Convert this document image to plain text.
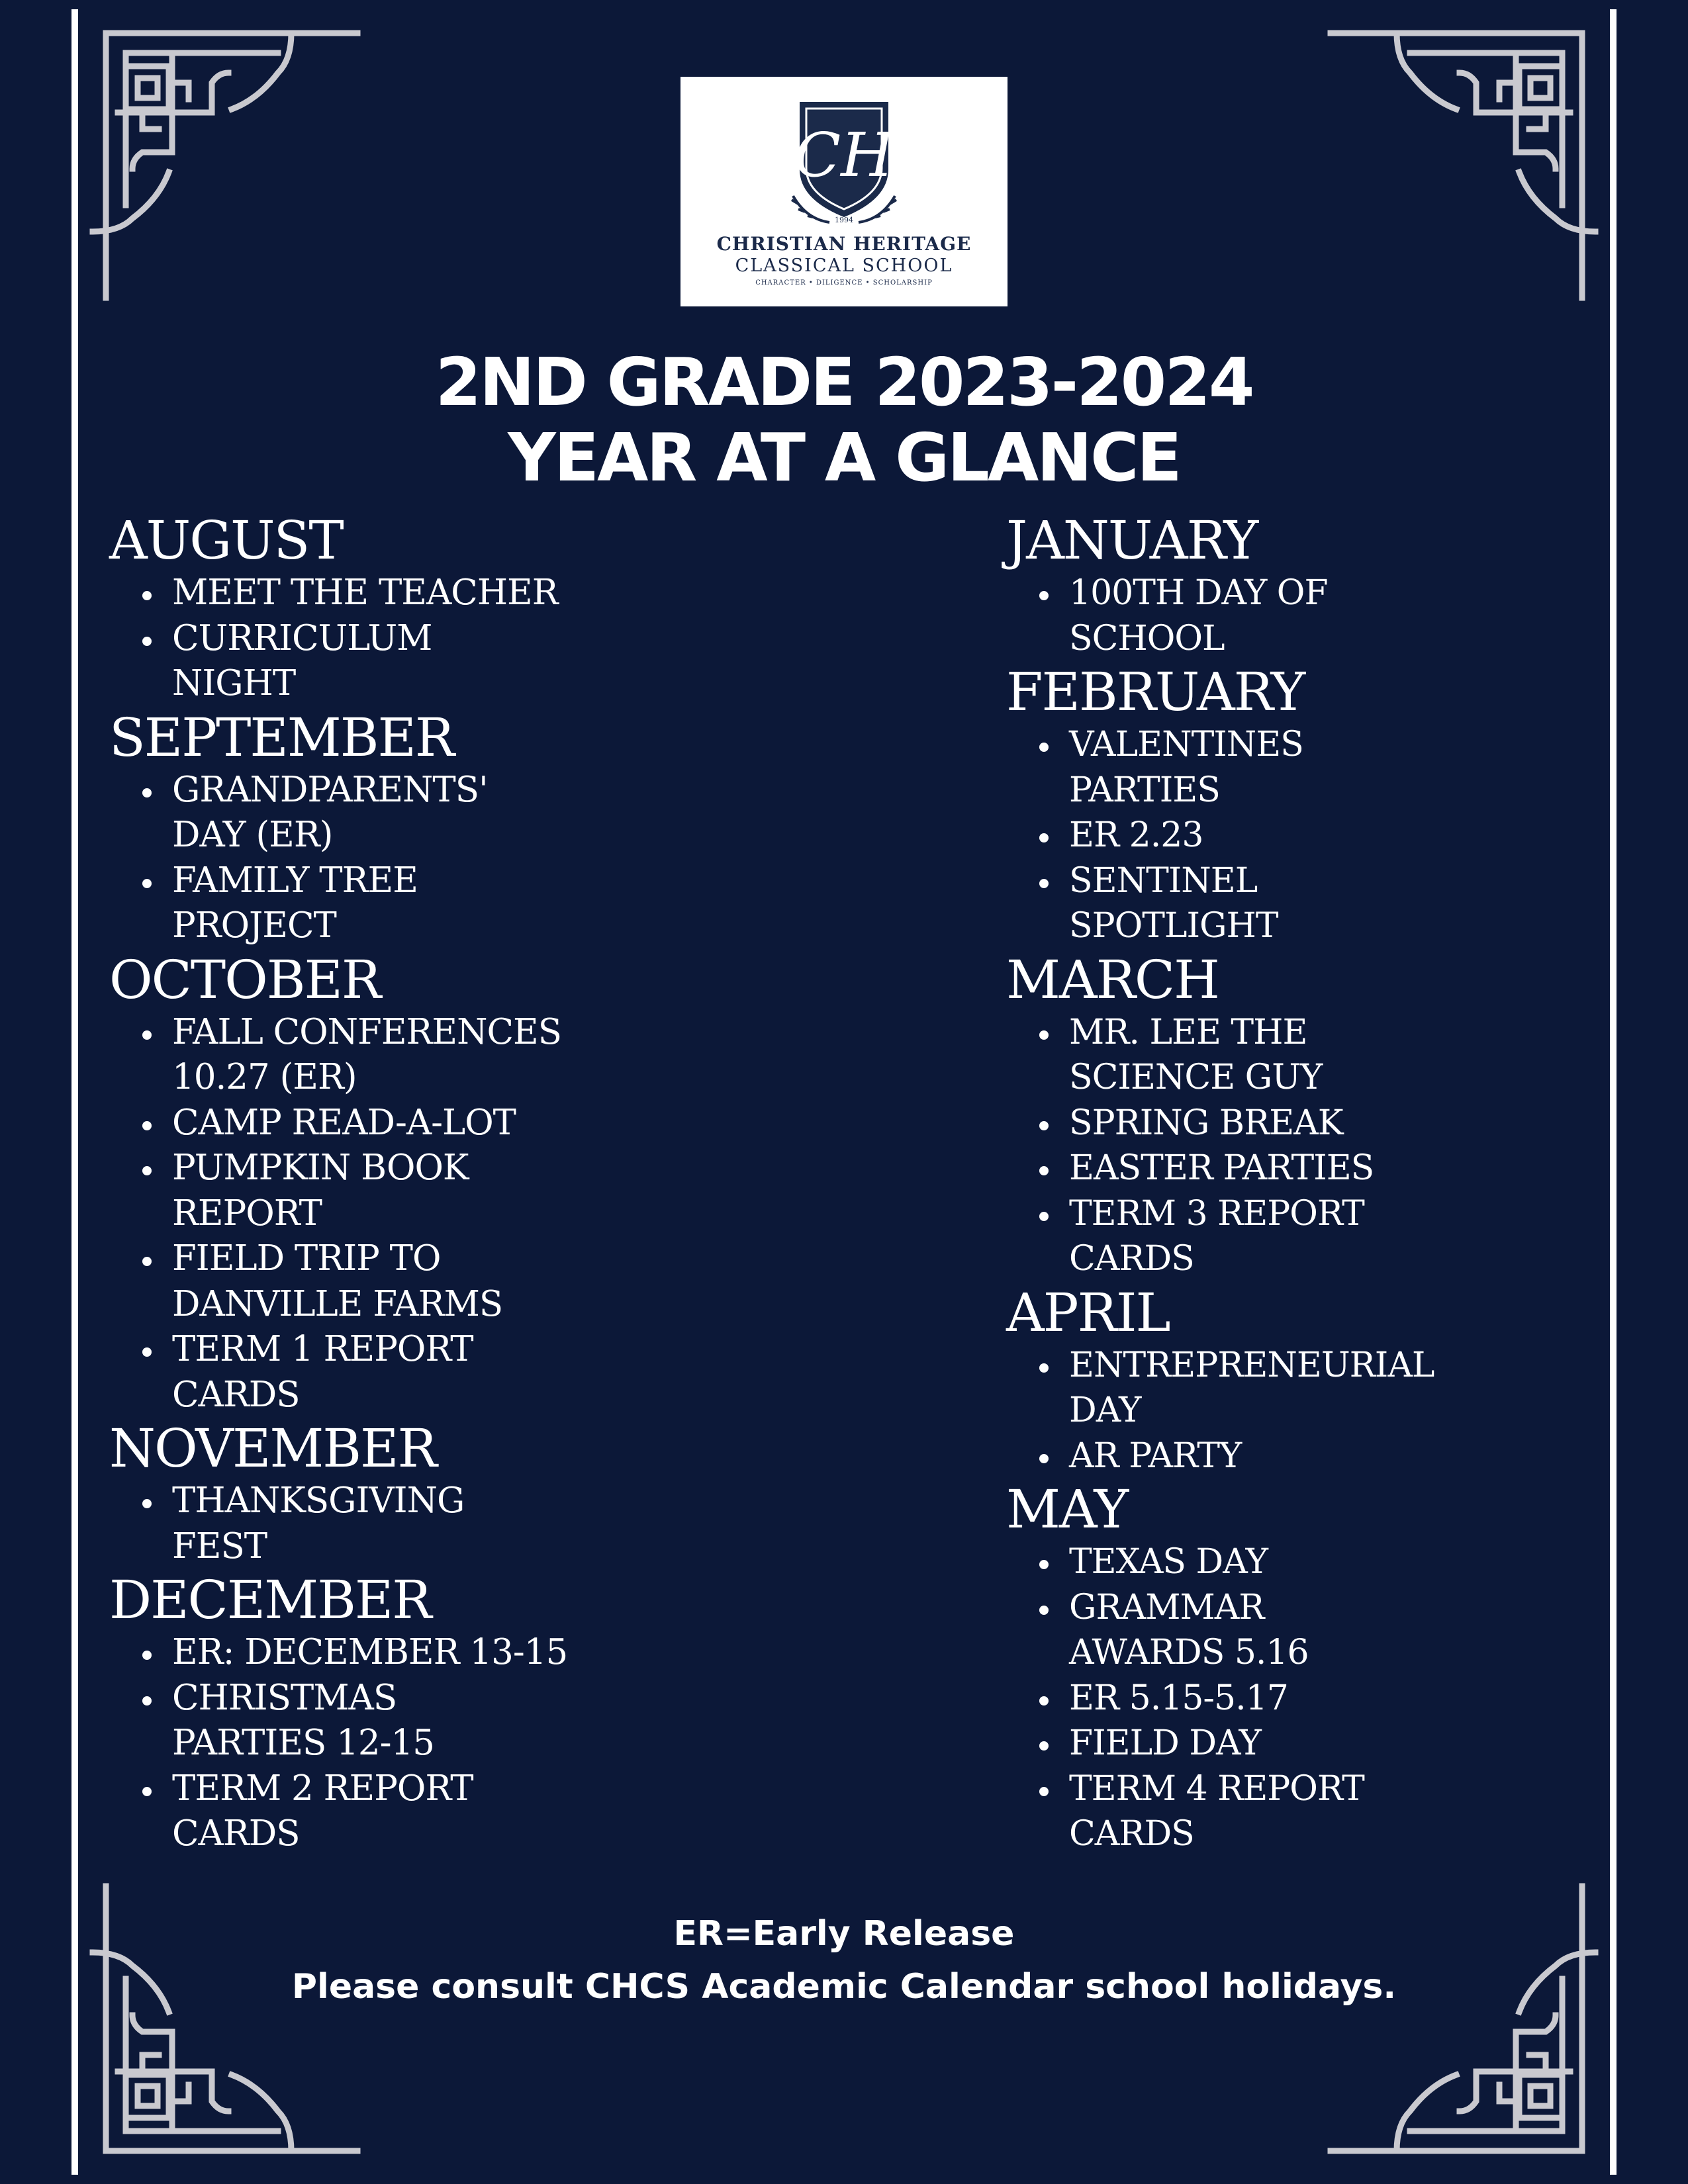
CH
1994
CHRISTIAN HERITAGE
CLASSICAL SCHOOL
CHARACTER • DILIGENCE • SCHOLARSHIP
2ND GRADE 2023-2024
YEAR AT A GLANCE
AUGUST
MEET THE TEACHER
CURRICULUM NIGHT
SEPTEMBER
GRANDPARENTS' DAY (ER)
FAMILY TREE PROJECT
OCTOBER
FALL CONFERENCES 10.27 (ER)
CAMP READ-A-LOT
PUMPKIN BOOK REPORT
FIELD TRIP TO DANVILLE FARMS
TERM 1 REPORT CARDS
NOVEMBER
THANKSGIVING FEST
DECEMBER
ER: DECEMBER 13-15
CHRISTMAS PARTIES 12-15
TERM 2 REPORT CARDS
JANUARY
100TH DAY OF SCHOOL
FEBRUARY
VALENTINES PARTIES
ER 2.23
SENTINEL SPOTLIGHT
MARCH
MR. LEE THE SCIENCE GUY
SPRING BREAK
EASTER PARTIES
TERM 3 REPORT CARDS
APRIL
ENTREPRENEURIAL DAY
AR PARTY
MAY
TEXAS DAY
GRAMMAR AWARDS 5.16
ER 5.15-5.17
FIELD DAY
TERM 4 REPORT CARDS
ER=Early Release
Please consult CHCS Academic Calendar school holidays.
